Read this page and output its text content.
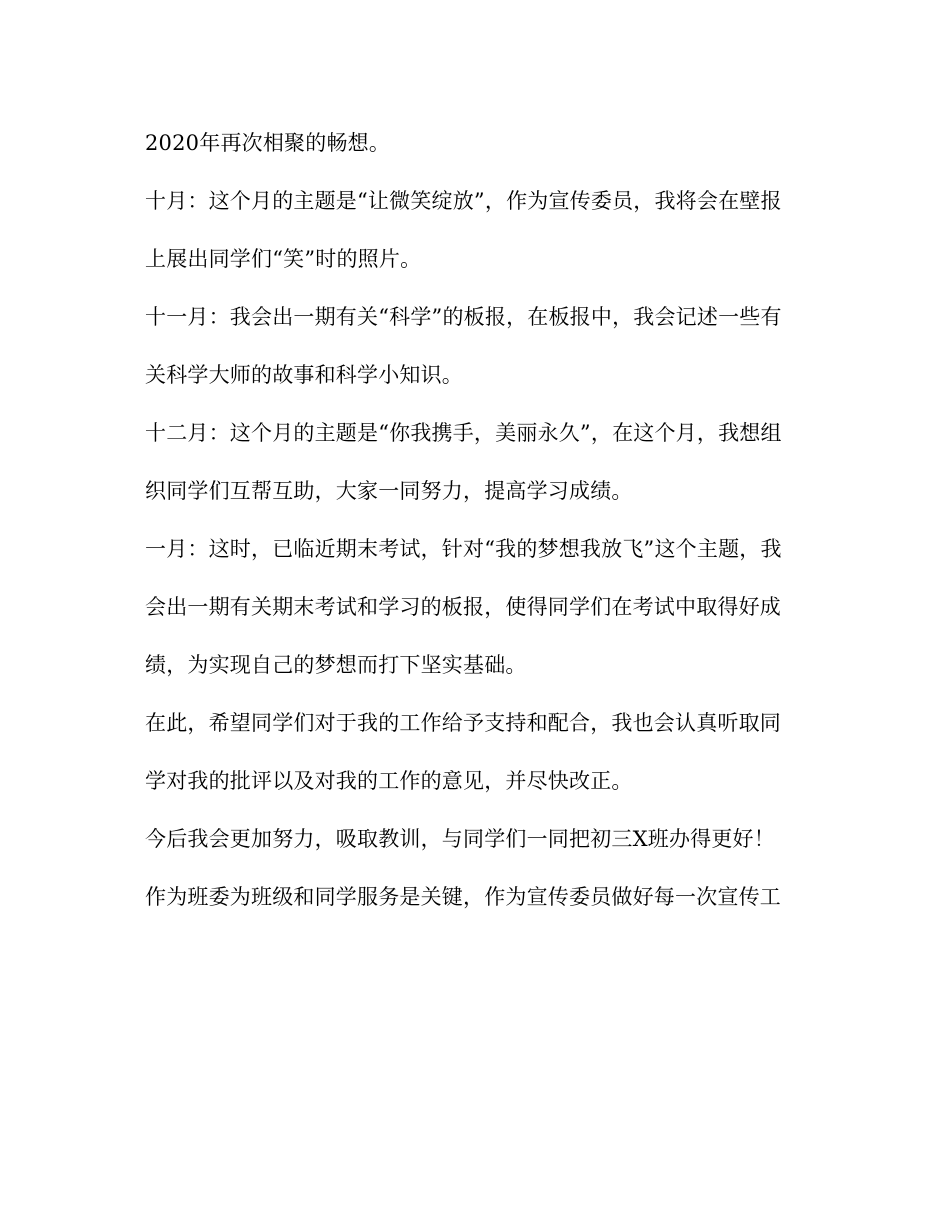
2020年再次相聚的畅想。
十月：这个月的主题是“让微笑绽放”，作为宣传委员，我将会在壁报
上展出同学们“笑”时的照片。
十一月：我会出一期有关“科学”的板报，在板报中，我会记述一些有
关科学大师的故事和科学小知识。
十二月：这个月的主题是“你我携手，美丽永久”，在这个月，我想组
织同学们互帮互助，大家一同努力，提高学习成绩。
一月：这时，已临近期末考试，针对“我的梦想我放飞”这个主题，我
会出一期有关期末考试和学习的板报，使得同学们在考试中取得好成
绩，为实现自己的梦想而打下坚实基础。
在此，希望同学们对于我的工作给予支持和配合，我也会认真听取同
学对我的批评以及对我的工作的意见，并尽快改正。
今后我会更加努力，吸取教训，与同学们一同把初三X班办得更好！
作为班委为班级和同学服务是关键，作为宣传委员做好每一次宣传工
